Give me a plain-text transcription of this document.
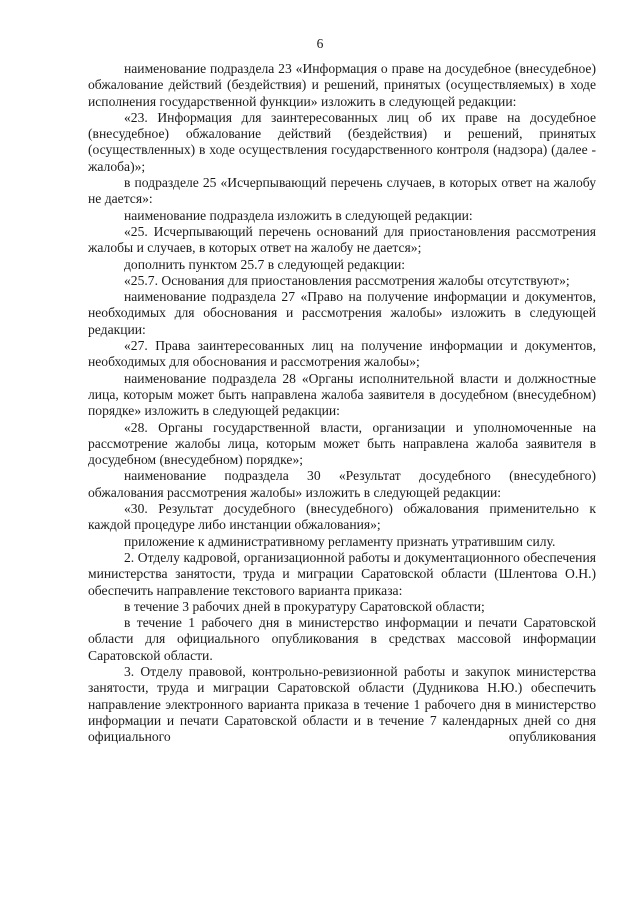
6

наименование подраздела 23 «Информация о праве на досудебное (внесудебное) обжалование действий (бездействия) и решений, принятых (осуществляемых) в ходе исполнения государственной функции» изложить в следующей редакции:

«23. Информация для заинтересованных лиц об их праве на досудебное (внесудебное) обжалование действий (бездействия) и решений, принятых (осуществленных) в ходе осуществления государственного контроля (надзора) (далее - жалоба)»;

в подразделе 25 «Исчерпывающий перечень случаев, в которых ответ на жалобу не дается»:

наименование подраздела изложить в следующей редакции:

«25. Исчерпывающий перечень оснований для приостановления рассмотрения жалобы и случаев, в которых ответ на жалобу не дается»;

дополнить пунктом 25.7 в следующей редакции:

«25.7. Основания для приостановления рассмотрения жалобы отсутствуют»;

наименование подраздела 27 «Право на получение информации и документов, необходимых для обоснования и рассмотрения жалобы» изложить в следующей редакции:

«27. Права заинтересованных лиц на получение информации и документов, необходимых для обоснования и рассмотрения жалобы»;

наименование подраздела 28 «Органы исполнительной власти и должностные лица, которым может быть направлена жалоба заявителя в досудебном (внесудебном) порядке» изложить в следующей редакции:

«28. Органы государственной власти, организации и уполномоченные на рассмотрение жалобы лица, которым может быть направлена жалоба заявителя в досудебном (внесудебном) порядке»;

наименование подраздела 30 «Результат досудебного (внесудебного) обжалования рассмотрения жалобы» изложить в следующей редакции:

«30. Результат досудебного (внесудебного) обжалования применительно к каждой процедуре либо инстанции обжалования»;

приложение к административному регламенту признать утратившим силу.

2. Отделу кадровой, организационной работы и документационного обеспечения министерства занятости, труда и миграции Саратовской области (Шлентова О.Н.) обеспечить направление текстового варианта приказа:

в течение 3 рабочих дней в прокуратуру Саратовской области;

в течение 1 рабочего дня в министерство информации и печати Саратовской области для официального опубликования в средствах массовой информации Саратовской области.

3. Отделу правовой, контрольно-ревизионной работы и закупок министерства занятости, труда и миграции Саратовской области (Дудникова Н.Ю.) обеспечить направление электронного варианта приказа в течение 1 рабочего дня в министерство информации и печати Саратовской области и в течение 7 календарных дней со дня официального опубликования
